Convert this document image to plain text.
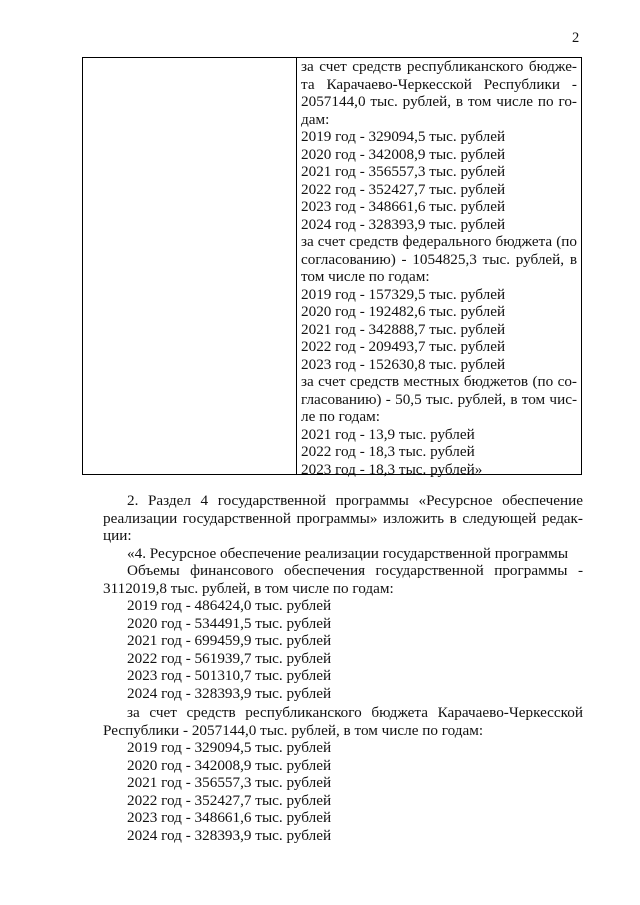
2
за счет средств республиканского бюдже-
та Карачаево-Черкесской Республики -
2057144,0 тыс. рублей, в том числе по го-
дам:
2019 год - 329094,5 тыс. рублей
2020 год - 342008,9 тыс. рублей
2021 год - 356557,3 тыс. рублей
2022 год - 352427,7 тыс. рублей
2023 год - 348661,6 тыс. рублей
2024 год - 328393,9 тыс. рублей
за счет средств федерального бюджета (по
согласованию) - 1054825,3 тыс. рублей, в
том числе по годам:
2019 год - 157329,5 тыс. рублей
2020 год - 192482,6 тыс. рублей
2021 год - 342888,7 тыс. рублей
2022 год - 209493,7 тыс. рублей
2023 год - 152630,8 тыс. рублей
за счет средств местных бюджетов (по со-
гласованию) - 50,5 тыс. рублей, в том чис-
ле по годам:
2021 год - 13,9 тыс. рублей
2022 год - 18,3 тыс. рублей
2023 год - 18,3 тыс. рублей»
2. Раздел 4 государственной программы «Ресурсное обеспечение
реализации государственной программы» изложить в следующей редак-
ции:
«4. Ресурсное обеспечение реализации государственной программы
Объемы финансового обеспечения государственной программы -
3112019,8 тыс. рублей, в том числе по годам:
2019 год - 486424,0 тыс. рублей
2020 год - 534491,5 тыс. рублей
2021 год - 699459,9 тыс. рублей
2022 год - 561939,7 тыс. рублей
2023 год - 501310,7 тыс. рублей
2024 год - 328393,9 тыс. рублей
за счет средств республиканского бюджета Карачаево-Черкесской
Республики - 2057144,0 тыс. рублей, в том числе по годам:
2019 год - 329094,5 тыс. рублей
2020 год - 342008,9 тыс. рублей
2021 год - 356557,3 тыс. рублей
2022 год - 352427,7 тыс. рублей
2023 год - 348661,6 тыс. рублей
2024 год - 328393,9 тыс. рублей
